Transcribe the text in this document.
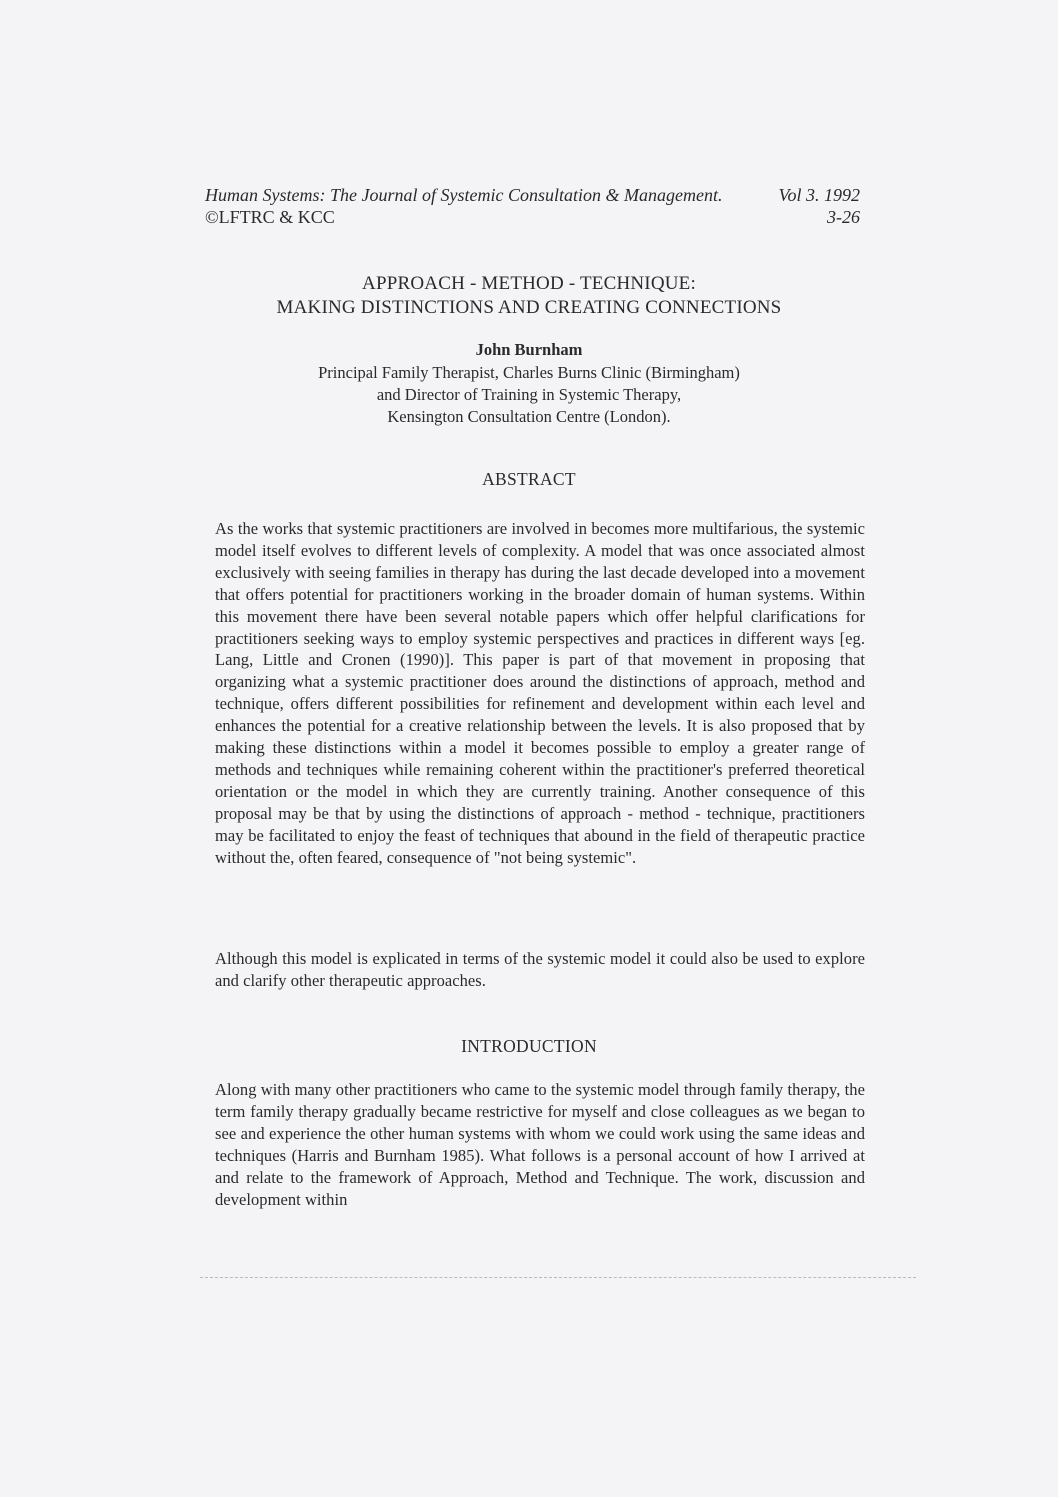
Human Systems: The Journal of Systemic Consultation & Management.	Vol 3. 1992
©LFTRC & KCC	3-26
APPROACH - METHOD - TECHNIQUE:
MAKING DISTINCTIONS AND CREATING CONNECTIONS
John Burnham
Principal Family Therapist, Charles Burns Clinic (Birmingham)
and Director of Training in Systemic Therapy,
Kensington Consultation Centre (London).
ABSTRACT
As the works that systemic practitioners are involved in becomes more multifarious, the systemic model itself evolves to different levels of complexity. A model that was once associated almost exclusively with seeing families in therapy has during the last decade developed into a movement that offers potential for practitioners working in the broader domain of human systems. Within this movement there have been several notable papers which offer helpful clarifications for practitioners seeking ways to employ systemic perspectives and practices in different ways [eg. Lang, Little and Cronen (1990)]. This paper is part of that movement in proposing that organizing what a systemic practitioner does around the distinctions of approach, method and technique, offers different possibilities for refinement and development within each level and enhances the potential for a creative relationship between the levels. It is also proposed that by making these distinctions within a model it becomes possible to employ a greater range of methods and techniques while remaining coherent within the practitioner's preferred theoretical orientation or the model in which they are currently training. Another consequence of this proposal may be that by using the distinctions of approach - method - technique, practitioners may be facilitated to enjoy the feast of techniques that abound in the field of therapeutic practice without the, often feared, consequence of "not being systemic".
Although this model is explicated in terms of the systemic model it could also be used to explore and clarify other therapeutic approaches.
INTRODUCTION
Along with many other practitioners who came to the systemic model through family therapy, the term family therapy gradually became restrictive for myself and close colleagues as we began to see and experience the other human systems with whom we could work using the same ideas and techniques (Harris and Burnham 1985). What follows is a personal account of how I arrived at and relate to the framework of Approach, Method and Technique. The work, discussion and development within
